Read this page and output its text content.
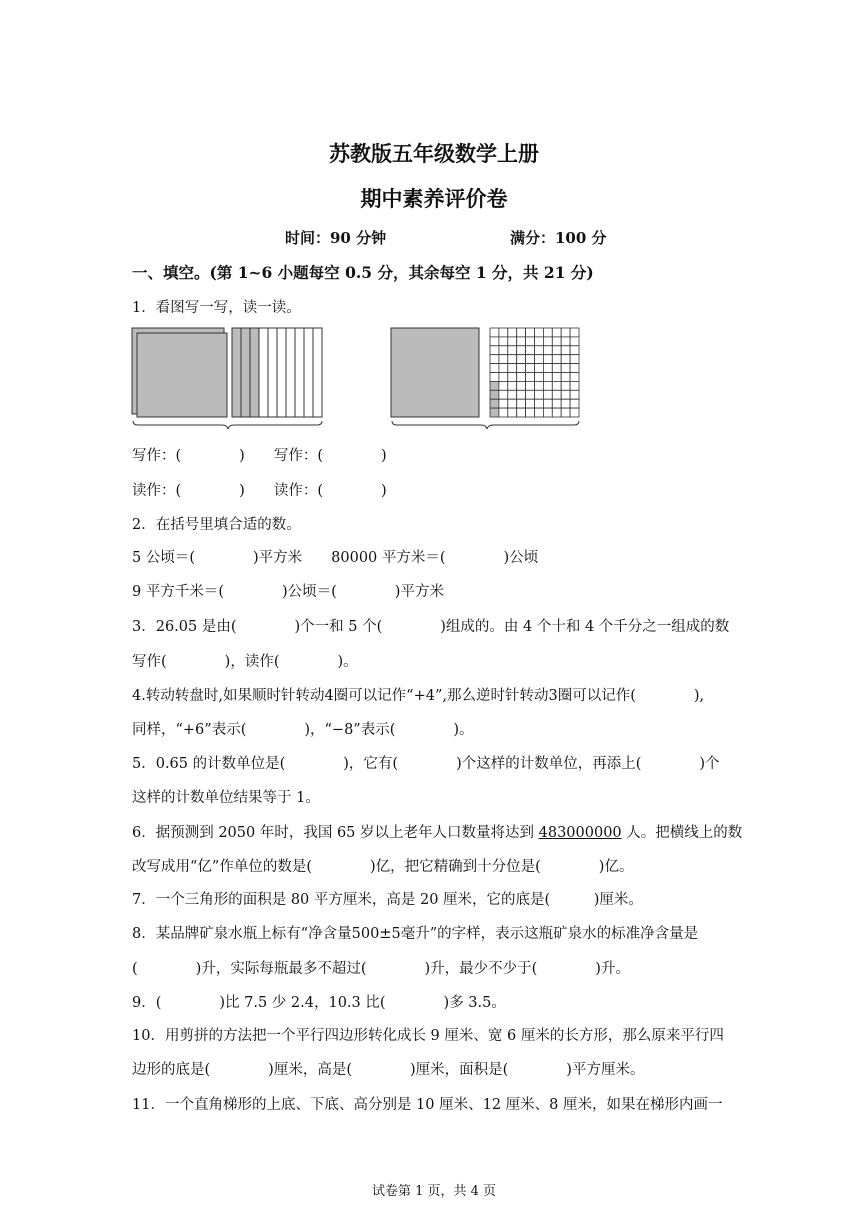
苏教版五年级数学上册
期中素养评价卷
时间：90 分钟	满分：100 分
一、填空。(第 1~6 小题每空 0.5 分，其余每空 1 分，共 21 分)
1．看图写一写，读一读。
写作：(　　　　)　　写作：(　　　　)
读作：(　　　　)　　读作：(　　　　)
2．在括号里填合适的数。
5 公顷＝(　　　　)平方米　　80000 平方米＝(　　　　)公顷
9 平方千米＝(　　　　)公顷＝(　　　　)平方米
3．26.05 是由(　　　　)个一和 5 个(　　　　)组成的。由 4 个十和 4 个千分之一组成的数
写作(　　　　)，读作(　　　　)。
4.转动转盘时,如果顺时针转动4圈可以记作“+4”,那么逆时针转动3圈可以记作(　　　　),
同样，“+6”表示(　　　　)，“−8”表示(　　　　)。
5．0.65 的计数单位是(　　　　)，它有(　　　　)个这样的计数单位，再添上(　　　　)个
这样的计数单位结果等于 1。
6．据预测到 2050 年时，我国 65 岁以上老年人口数量将达到 483000000 人。把横线上的数
改写成用“亿”作单位的数是(　　　　)亿，把它精确到十分位是(　　　　)亿。
7．一个三角形的面积是 80 平方厘米，高是 20 厘米，它的底是(　　　)厘米。
8．某品牌矿泉水瓶上标有“净含量500±5毫升”的字样，表示这瓶矿泉水的标准净含量是
(　　　　)升，实际每瓶最多不超过(　　　　)升，最少不少于(　　　　)升。
9．(　　　　)比 7.5 少 2.4，10.3 比(　　　　)多 3.5。
10．用剪拼的方法把一个平行四边形转化成长 9 厘米、宽 6 厘米的长方形，那么原来平行四
边形的底是(　　　　)厘米，高是(　　　　)厘米，面积是(　　　　)平方厘米。
11．一个直角梯形的上底、下底、高分别是 10 厘米、12 厘米、8 厘米，如果在梯形内画一
试卷第 1 页，共 4 页
